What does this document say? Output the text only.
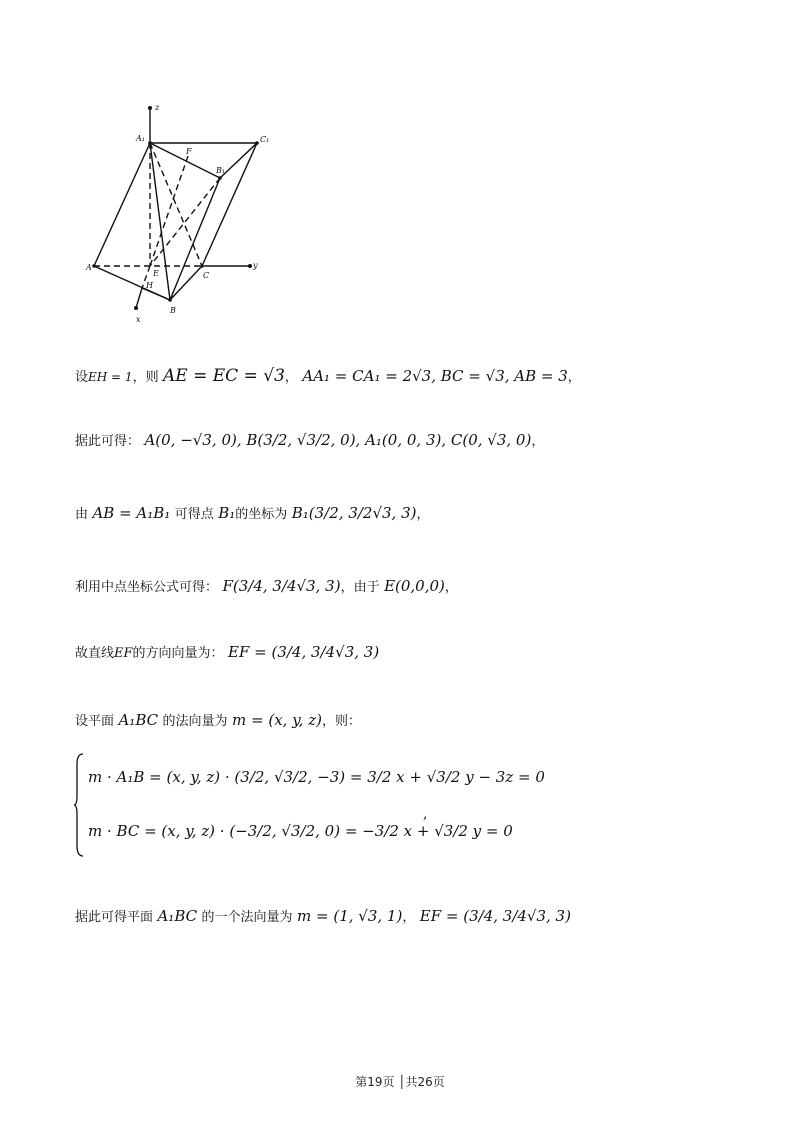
z
A₁	C₁
F
B₁
A
E	C
y
H
B
x
设EH = 1，则 AE = EC = √3， AA₁ = CA₁ = 2√3, BC = √3, AB = 3，
据此可得： A(0, −√3, 0), B(3/2, √3/2, 0), A₁(0, 0, 3), C(0, √3, 0)，
由 AB = A₁B₁ 可得点 B₁的坐标为 B₁(3/2, 3/2√3, 3)，
利用中点坐标公式可得： F(3/4, 3/4√3, 3)，由于 E(0,0,0)，
故直线EF的方向向量为： EF = (3/4, 3/4√3, 3)
设平面 A₁BC 的法向量为 m = (x, y, z)，则：
m · A₁B = (x, y, z) · (3/2, √3/2, −3) = 3/2 x + √3/2 y − 3z = 0
m · BC = (x, y, z) · (−3/2, √3/2, 0) = −3/2 x + √3/2 y = 0
,
据此可得平面 A₁BC 的一个法向量为 m = (1, √3, 1)， EF = (3/4, 3/4√3, 3)
第19页 │共26页
